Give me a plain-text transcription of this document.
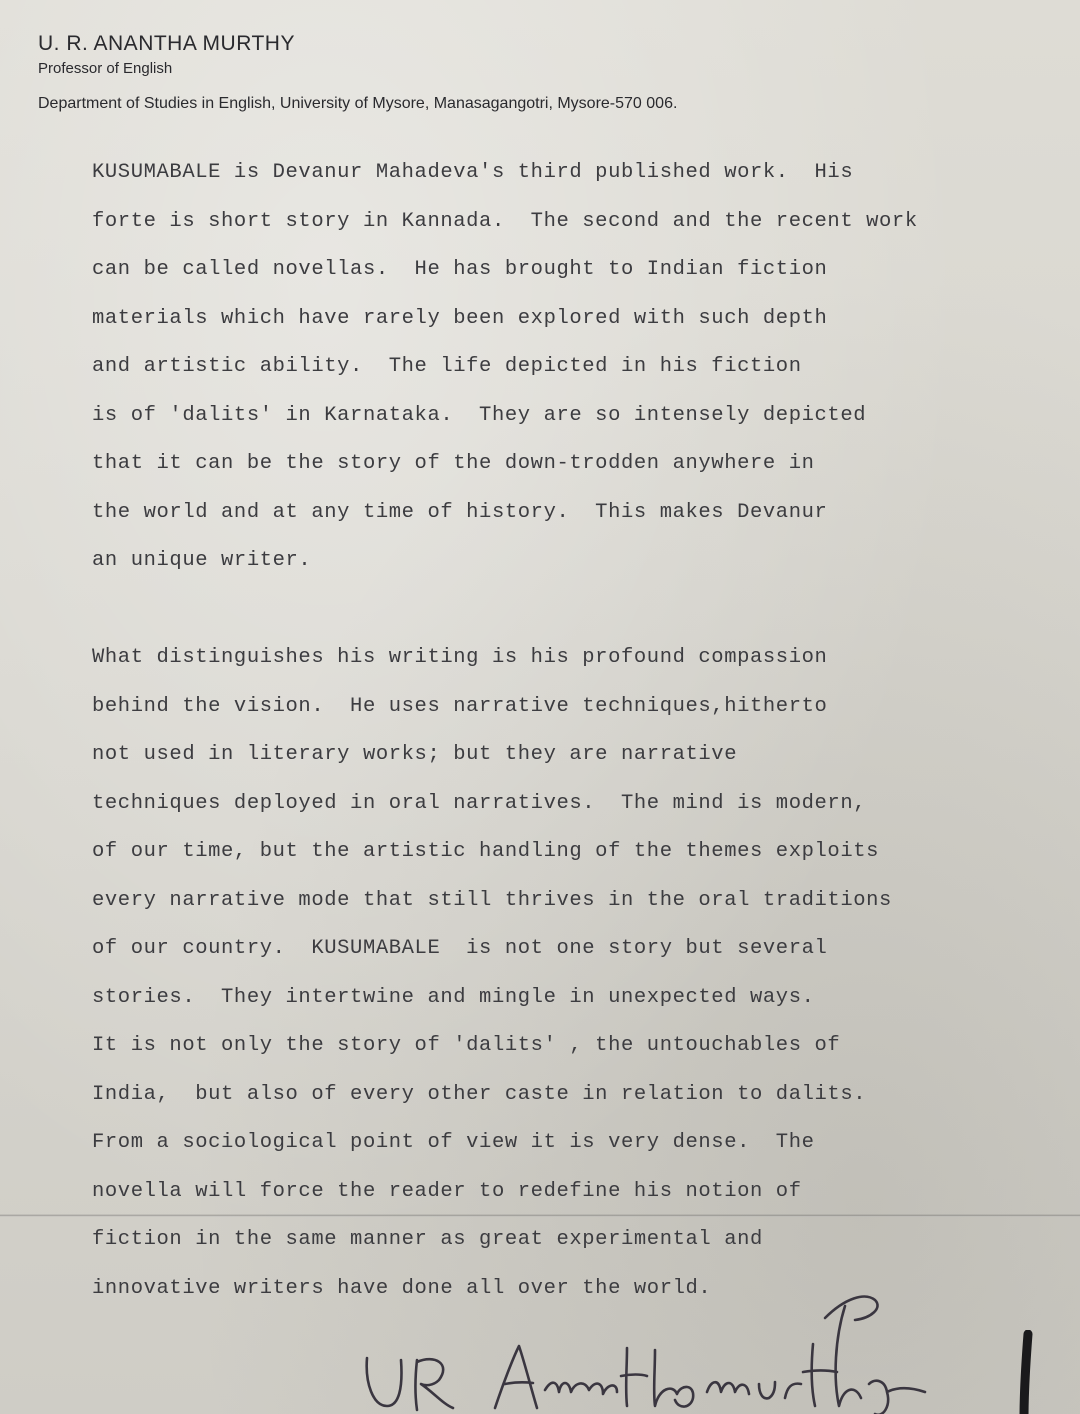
U. R. ANANTHA MURTHY
Professor of English
Department of Studies in English, University of Mysore, Manasagangotri, Mysore-570 006.
KUSUMABALE is Devanur Mahadeva's third published work.  His
forte is short story in Kannada.  The second and the recent work
can be called novellas.  He has brought to Indian fiction
materials which have rarely been explored with such depth
and artistic ability.  The life depicted in his fiction
is of 'dalits' in Karnataka.  They are so intensely depicted
that it can be the story of the down-trodden anywhere in
the world and at any time of history.  This makes Devanur
an unique writer.
What distinguishes his writing is his profound compassion
behind the vision.  He uses narrative techniques,hitherto
not used in literary works; but they are narrative
techniques deployed in oral narratives.  The mind is modern,
of our time, but the artistic handling of the themes exploits
every narrative mode that still thrives in the oral traditions
of our country.  KUSUMABALE  is not one story but several
stories.  They intertwine and mingle in unexpected ways.
It is not only the story of 'dalits' , the untouchables of
India,  but also of every other caste in relation to dalits.
From a sociological point of view it is very dense.  The
novella will force the reader to redefine his notion of
fiction in the same manner as great experimental and
innovative writers have done all over the world.
